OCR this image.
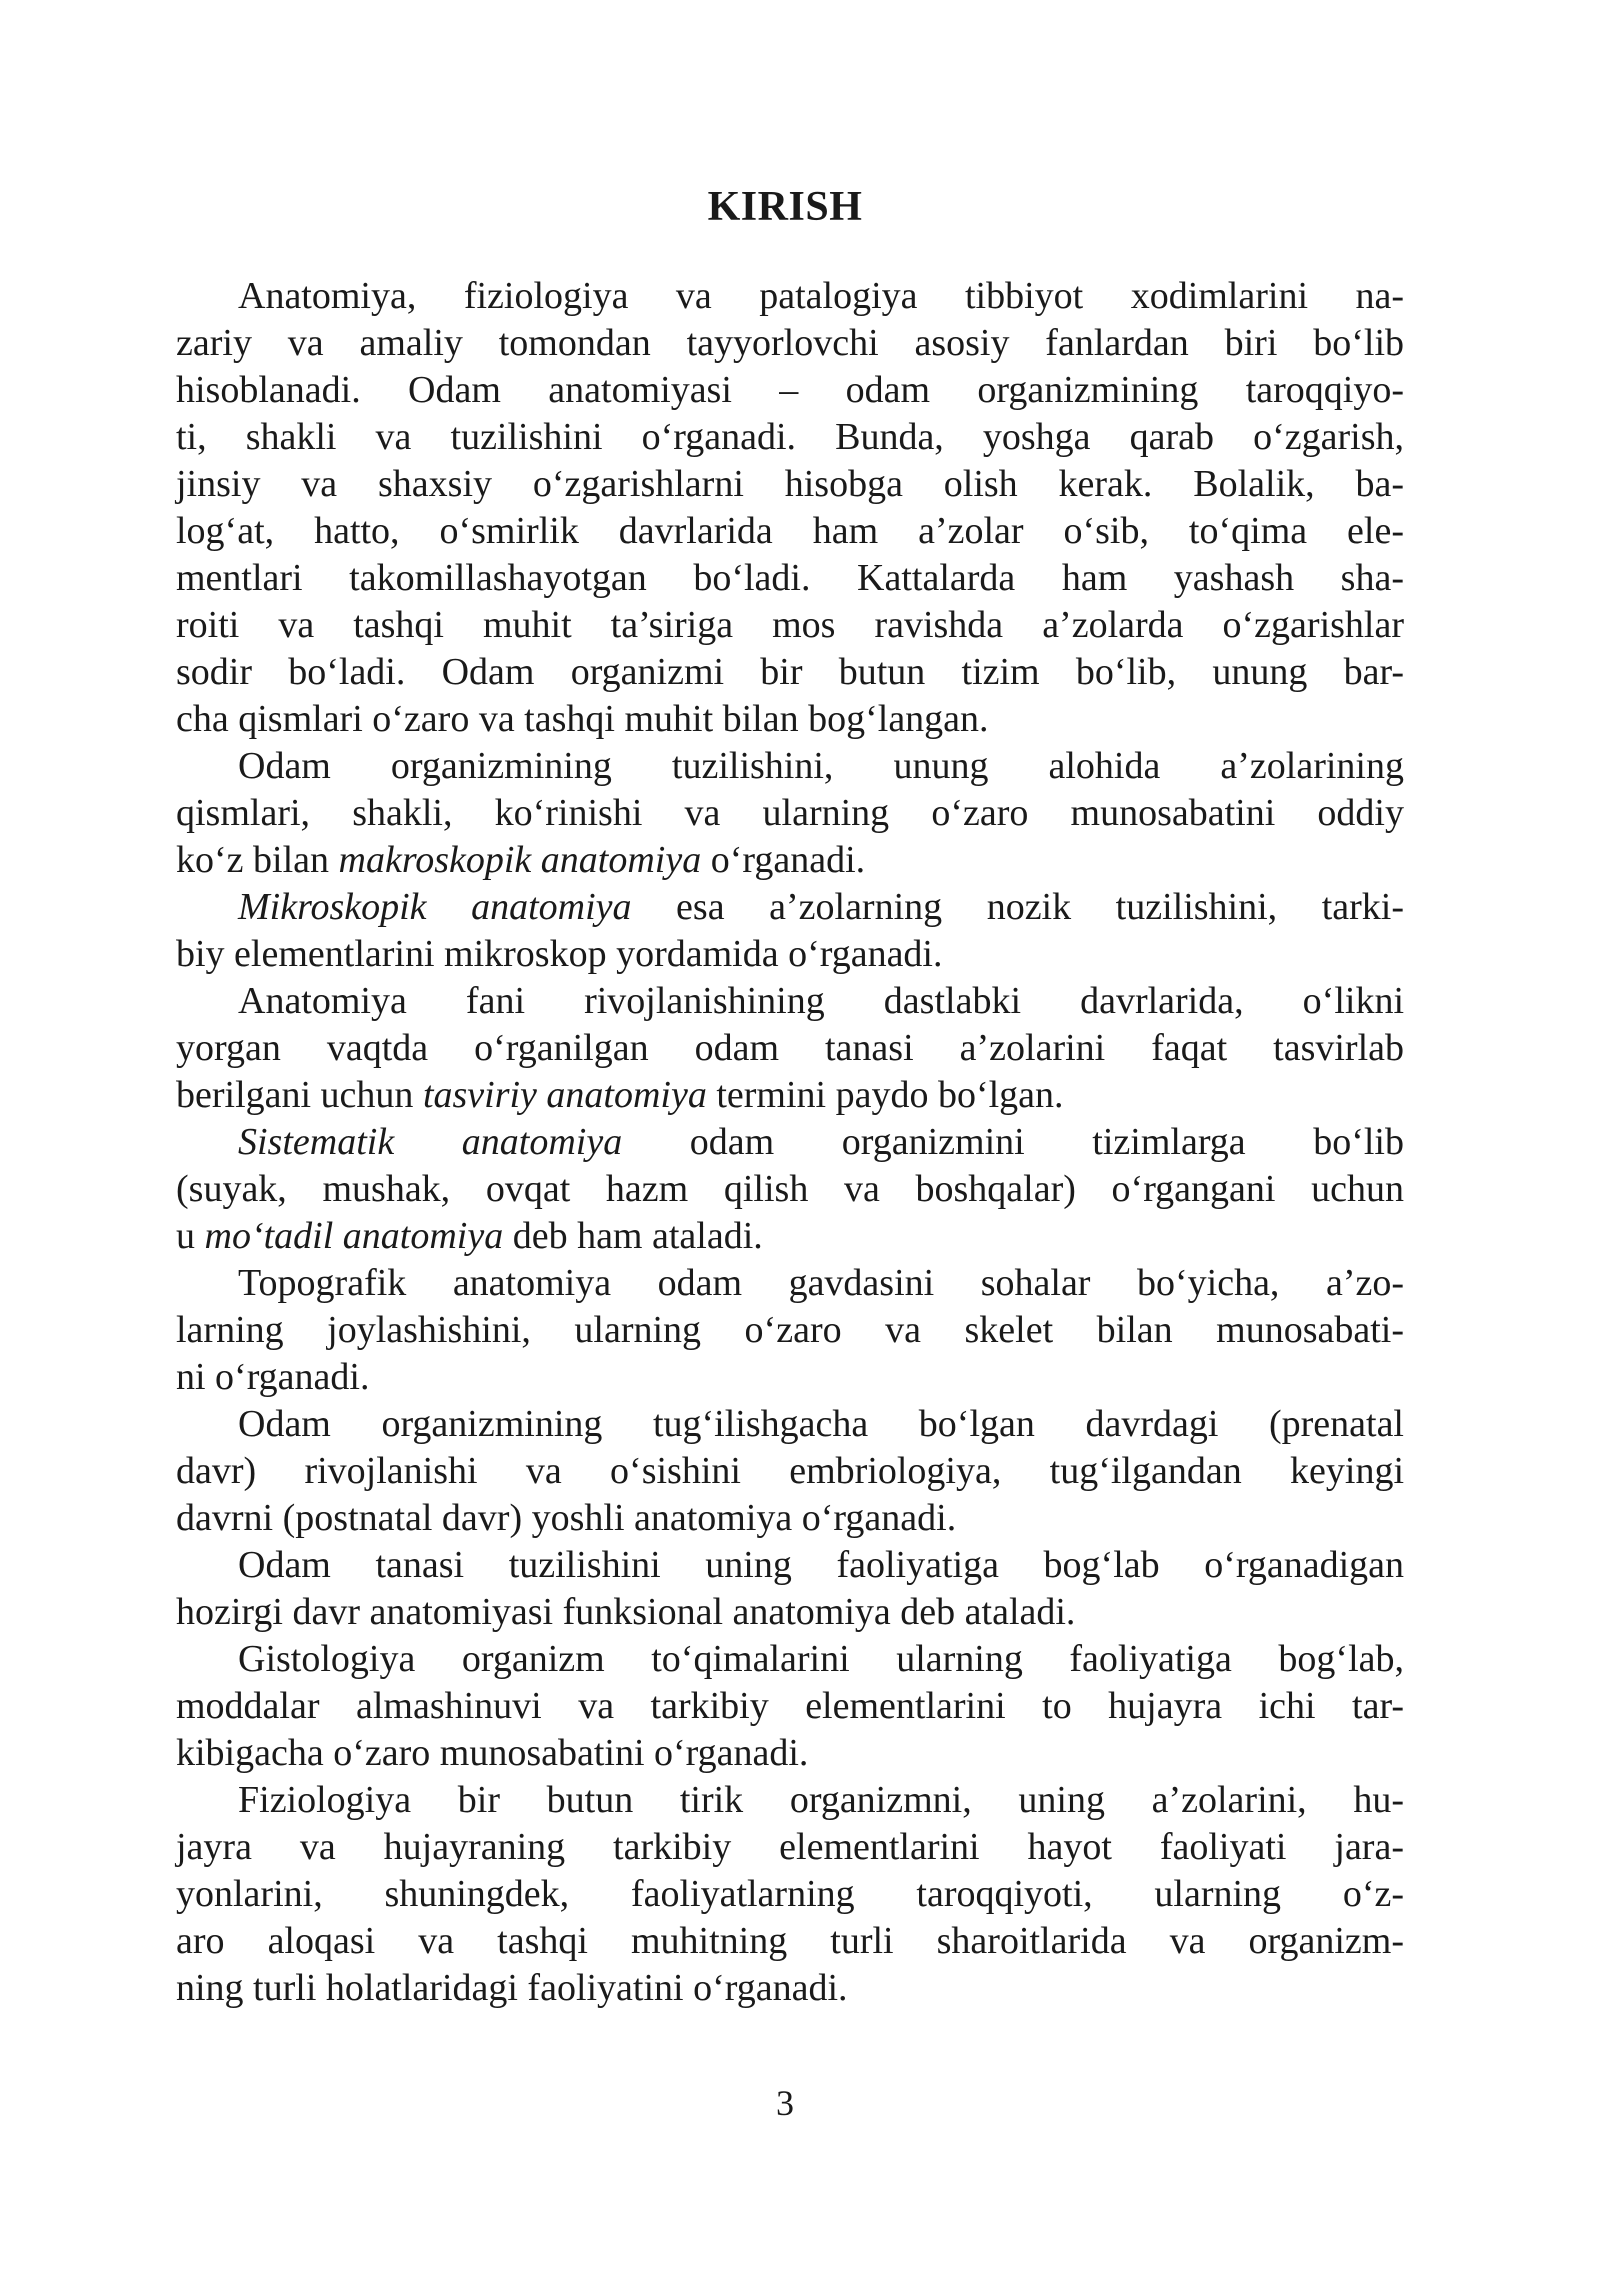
KIRISH
Anatomiya, fiziologiya va patalogiya tibbiyot xodimlarini na-
zariy va amaliy tomondan tayyorlovchi asosiy fanlardan biri bo‘lib
hisoblanadi. Odam anatomiyasi – odam organizmining taroqqiyo-
ti, shakli va tuzilishini o‘rganadi. Bunda, yoshga qarab o‘zgarish,
jinsiy va shaxsiy o‘zgarishlarni hisobga olish kerak. Bolalik, ba-
log‘at, hatto, o‘smirlik davrlarida ham a’zolar o‘sib, to‘qima ele-
mentlari takomillashayotgan bo‘ladi. Kattalarda ham yashash sha-
roiti va tashqi muhit ta’siriga mos ravishda a’zolarda o‘zgarishlar
sodir bo‘ladi. Odam organizmi bir butun tizim bo‘lib, unung bar-
cha qismlari o‘zaro va tashqi muhit bilan bog‘langan.
Odam organizmining tuzilishini, unung alohida a’zolarining
qismlari, shakli, ko‘rinishi va ularning o‘zaro munosabatini oddiy
ko‘z bilan makroskopik anatomiya o‘rganadi.
Mikroskopik anatomiya esa a’zolarning nozik tuzilishini, tarki-
biy elementlarini mikroskop yordamida o‘rganadi.
Anatomiya fani rivojlanishining dastlabki davrlarida, o‘likni
yorgan vaqtda o‘rganilgan odam tanasi a’zolarini faqat tasvirlab
berilgani uchun tasviriy anatomiya termini paydo bo‘lgan.
Sistematik anatomiya odam organizmini tizimlarga bo‘lib
(suyak, mushak, ovqat hazm qilish va boshqalar) o‘rgangani uchun
u mo‘tadil anatomiya deb ham ataladi.
Topografik anatomiya odam gavdasini sohalar bo‘yicha, a’zo-
larning joylashishini, ularning o‘zaro va skelet bilan munosabati-
ni o‘rganadi.
Odam organizmining tug‘ilishgacha bo‘lgan davrdagi (prenatal
davr) rivojlanishi va o‘sishini embriologiya, tug‘ilgandan keyingi
davrni (postnatal davr) yoshli anatomiya o‘rganadi.
Odam tanasi tuzilishini uning faoliyatiga bog‘lab o‘rganadigan
hozirgi davr anatomiyasi funksional anatomiya deb ataladi.
Gistologiya organizm to‘qimalarini ularning faoliyatiga bog‘lab,
moddalar almashinuvi va tarkibiy elementlarini to hujayra ichi tar-
kibigacha o‘zaro munosabatini o‘rganadi.
Fiziologiya bir butun tirik organizmni, uning a’zolarini, hu-
jayra va hujayraning tarkibiy elementlarini hayot faoliyati jara-
yonlarini, shuningdek, faoliyatlarning taroqqiyoti, ularning o‘z-
aro aloqasi va tashqi muhitning turli sharoitlarida va organizm-
ning turli holatlaridagi faoliyatini o‘rganadi.
3
